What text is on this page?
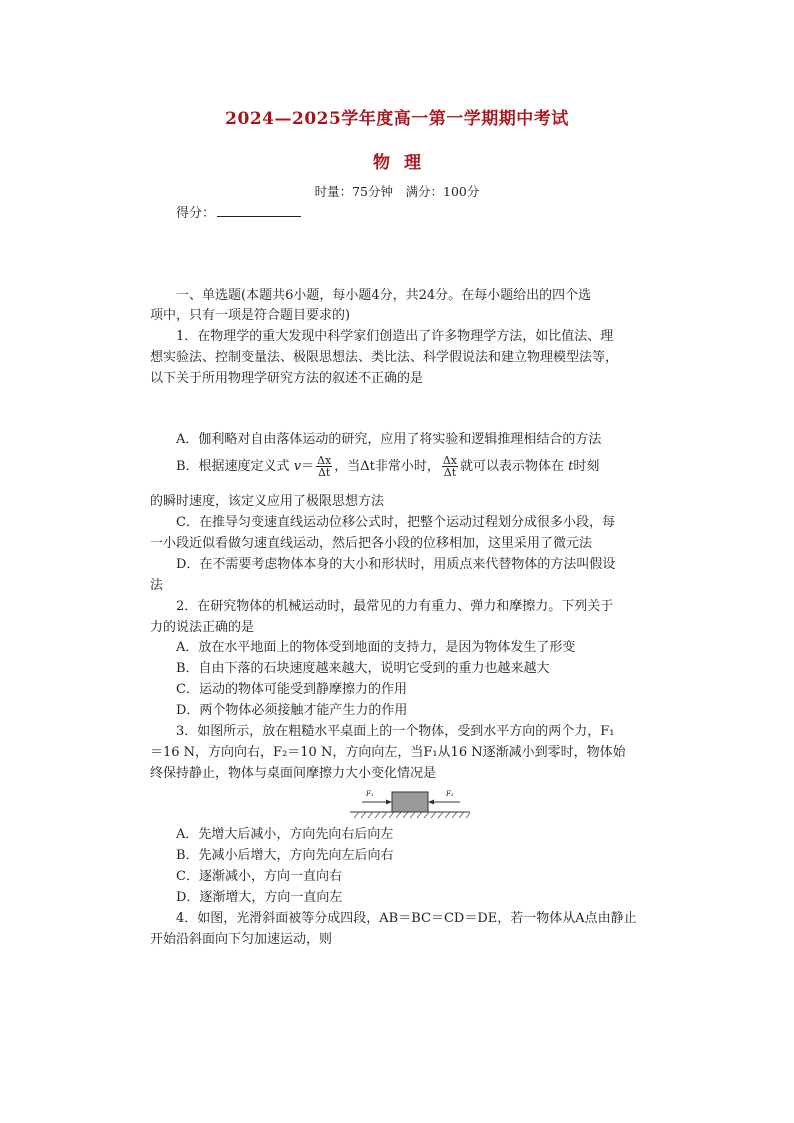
2024—2025学年度高一第一学期期中考试
物理
时量：75分钟　满分：100分
得分：
一、单选题(本题共6小题，每小题4分，共24分。在每小题给出的四个选
项中，只有一项是符合题目要求的)
1．在物理学的重大发现中科学家们创造出了许多物理学方法，如比值法、理
想实验法、控制变量法、极限思想法、类比法、科学假说法和建立物理模型法等，
以下关于所用物理学研究方法的叙述不正确的是
A．伽利略对自由落体运动的研究，应用了将实验和逻辑推理相结合的方法
B．根据速度定义式 $v= \frac{\Delta x}{\Delta t}$ ，当Δt非常小时， $\frac{\Delta x}{\Delta t}$ 就可以表示物体在 t时刻
的瞬时速度，该定义应用了极限思想方法
C．在推导匀变速直线运动位移公式时，把整个运动过程划分成很多小段，每
一小段近似看做匀速直线运动，然后把各小段的位移相加，这里采用了微元法
D．在不需要考虑物体本身的大小和形状时，用质点来代替物体的方法叫假设
法
2．在研究物体的机械运动时，最常见的力有重力、弹力和摩擦力。下列关于
力的说法正确的是
A．放在水平地面上的物体受到地面的支持力，是因为物体发生了形变
B．自由下落的石块速度越来越大，说明它受到的重力也越来越大
C．运动的物体可能受到静摩擦力的作用
D．两个物体必须接触才能产生力的作用
3．如图所示，放在粗糙水平桌面上的一个物体，受到水平方向的两个力，F₁
＝16 N，方向向右，F₂＝10 N，方向向左，当F₁从16 N逐渐减小到零时，物体始
终保持静止，物体与桌面间摩擦力大小变化情况是
F₁	F₂
A．先增大后减小，方向先向右后向左
B．先减小后增大，方向先向左后向右
C．逐渐减小，方向一直向右
D．逐渐增大，方向一直向左
4．如图，光滑斜面被等分成四段，AB＝BC＝CD＝DE，若一物体从A点由静止
开始沿斜面向下匀加速运动，则
